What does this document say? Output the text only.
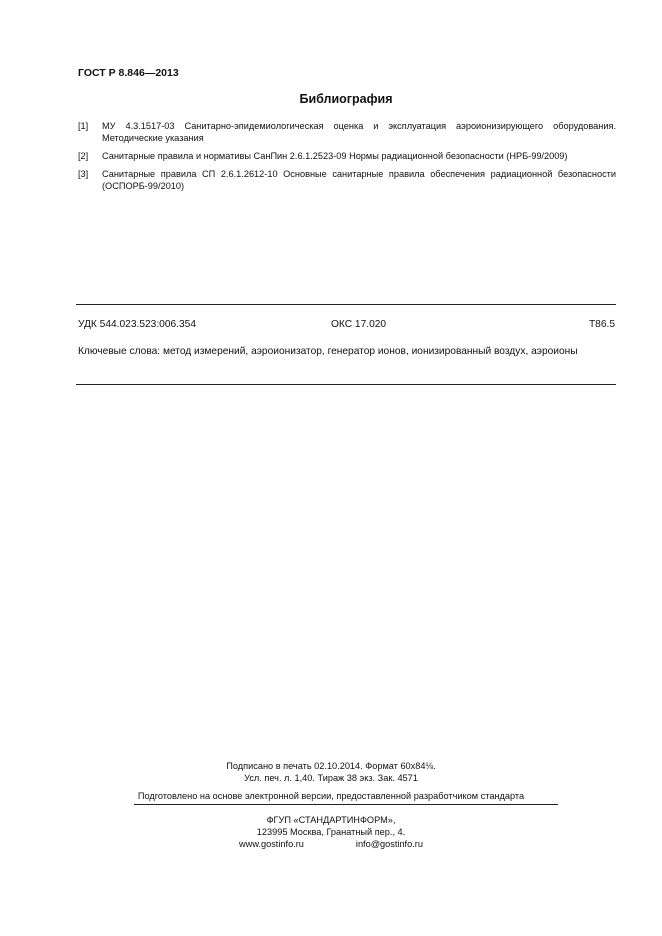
ГОСТ Р 8.846—2013
Библиография
[1] МУ 4.3.1517-03 Санитарно-эпидемиологическая оценка и эксплуатация аэроионизирующего оборудования. Методические указания
[2] Санитарные правила и нормативы СанПин 2.6.1.2523-09 Нормы радиационной безопасности (НРБ-99/2009)
[3] Санитарные правила СП 2.6.1.2612-10 Основные санитарные правила обеспечения радиационной безопасности (ОСПОРБ-99/2010)
УДК 544.023.523:006.354	ОКС 17.020	Т86.5
Ключевые слова: метод измерений, аэроионизатор, генератор ионов, ионизированный воздух, аэроионы
Подписано в печать 02.10.2014. Формат 60x84⅛.
Усл. печ. л. 1,40. Тираж 38 экз. Зак. 4571
Подготовлено на основе электронной версии, предоставленной разработчиком стандарта
ФГУП «СТАНДАРТИНФОРМ»,
123995 Москва, Гранатный пер., 4.
www.gostinfo.ru	info@gostinfo.ru
